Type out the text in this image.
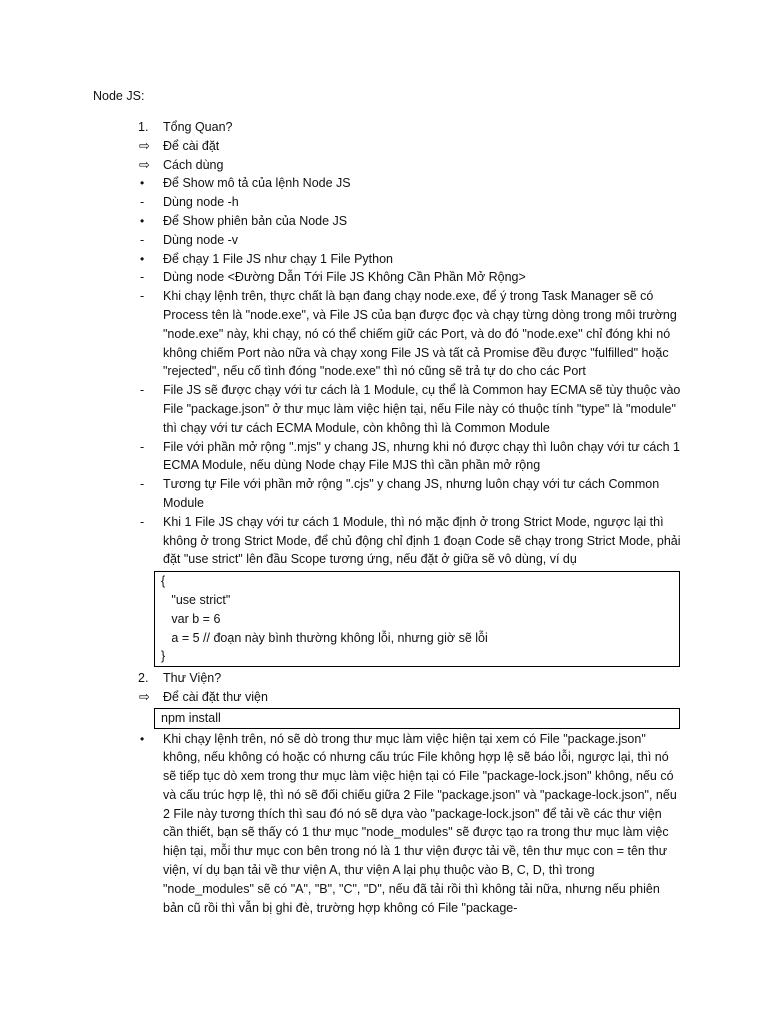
Node JS:
1.	Tổng Quan?
⇨	Để cài đặt
⇨	Cách dùng
•	Để Show mô tả của lệnh Node JS
-	Dùng node -h
•	Để Show phiên bản của Node JS
-	Dùng node -v
•	Để chạy 1 File JS như chạy 1 File Python
-	Dùng node <Đường Dẫn Tới File JS Không Cần Phần Mở Rộng>
-	Khi chạy lệnh trên, thực chất là bạn đang chạy node.exe, để ý trong Task Manager sẽ có Process tên là "node.exe", và File JS của bạn được đọc và chạy từng dòng trong môi trường "node.exe" này, khi chạy, nó có thể chiếm giữ các Port, và do đó "node.exe" chỉ đóng khi nó không chiếm Port nào nữa và chạy xong File JS và tất cả Promise đều được "fulfilled" hoặc "rejected", nếu cố tình đóng "node.exe" thì nó cũng sẽ trả tự do cho các Port
-	File JS sẽ được chạy với tư cách là 1 Module, cụ thể là Common hay ECMA sẽ tùy thuộc vào File "package.json" ở thư mục làm việc hiện tại, nếu File này có thuộc tính "type" là "module" thì chạy với tư cách ECMA Module, còn không thì là Common Module
-	File với phần mở rộng ".mjs" y chang JS, nhưng khi nó được chạy thì luôn chạy với tư cách 1 ECMA Module, nếu dùng Node chạy File MJS thì cần phần mở rộng
-	Tương tự File với phần mở rộng ".cjs" y chang JS, nhưng luôn chạy với tư cách Common Module
-	Khi 1 File JS chạy với tư cách 1 Module, thì nó mặc định ở trong Strict Mode, ngược lại thì không ở trong Strict Mode, để chủ động chỉ định 1 đoạn Code sẽ chạy trong Strict Mode, phải đặt "use strict" lên đầu Scope tương ứng, nếu đặt ở giữa sẽ vô dùng, ví dụ
{
"use strict"
var b = 6
a = 5 // đoạn này bình thường không lỗi, nhưng giờ sẽ lỗi
}
2.	Thư Viện?
⇨	Để cài đặt thư viện
npm install
•	Khi chạy lệnh trên, nó sẽ dò trong thư mục làm việc hiện tại xem có File "package.json" không, nếu không có hoặc có nhưng cấu trúc File không hợp lệ sẽ báo lỗi, ngược lại, thì nó sẽ tiếp tục dò xem trong thư mục làm việc hiện tại có File "package-lock.json" không, nếu có và cấu trúc hợp lệ, thì nó sẽ đối chiếu giữa 2 File "package.json" và "package-lock.json", nếu 2 File này tương thích thì sau đó nó sẽ dựa vào "package-lock.json" để tải về các thư viện cần thiết, bạn sẽ thấy có 1 thư mục "node_modules" sẽ được tạo ra trong thư mục làm việc hiện tại, mỗi thư mục con bên trong nó là 1 thư viện được tải về, tên thư mục con = tên thư viện, ví dụ bạn tải về thư viện A, thư viện A lại phụ thuộc vào B, C, D, thì trong "node_modules" sẽ có "A", "B", "C", "D", nếu đã tải rồi thì không tải nữa, nhưng nếu phiên bản cũ rồi thì vẫn bị ghi đè, trường hợp không có File "package-
